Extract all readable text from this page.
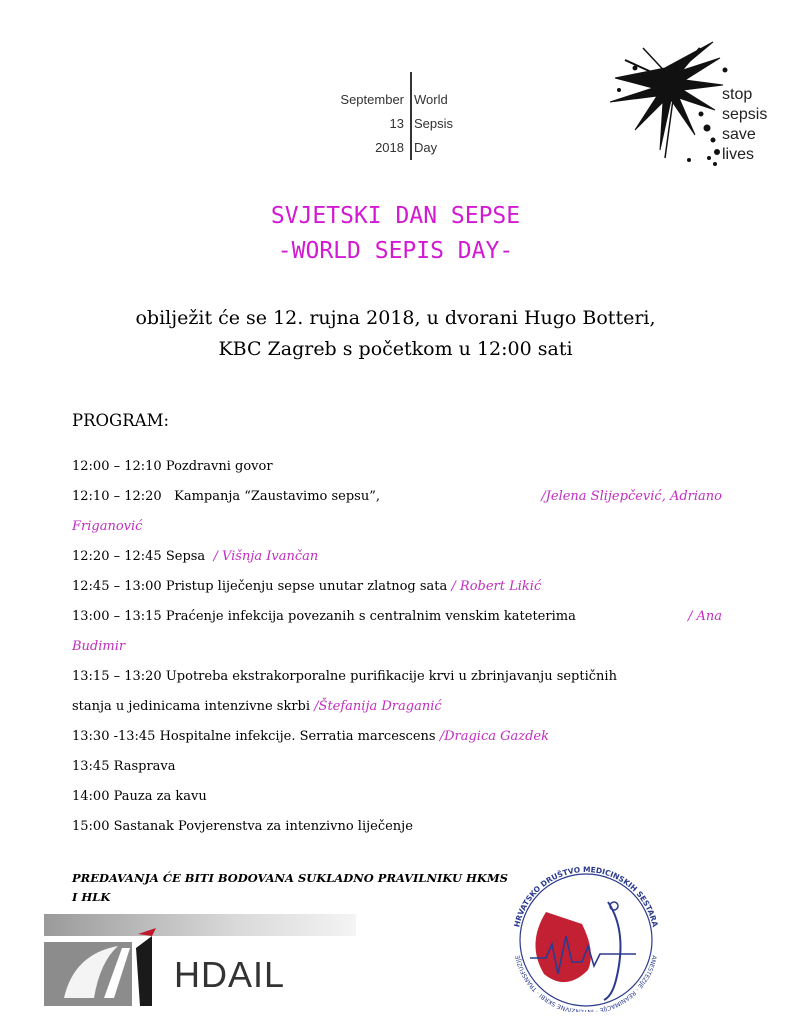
September
13
2018
World
Sepsis
Day
stop
sepsis
save
lives
SVJETSKI DAN SEPSE
-WORLD SEPIS DAY-
obilježit će se 12. rujna 2018, u dvorani Hugo Botteri,
KBC Zagreb s početkom u 12:00 sati
PROGRAM:
12:00 – 12:10 Pozdravni govor
12:10 – 12:20 Kampanja “Zaustavimo sepsu”,	/Jelena Slijepčević, Adriano
Friganović
12:20 – 12:45 Sepsa / Višnja Ivančan
12:45 – 13:00 Pristup liječenju sepse unutar zlatnog sata / Robert Likić
13:00 – 13:15 Praćenje infekcija povezanih s centralnim venskim kateterima	/ Ana
Budimir
13:15 – 13:20 Upotreba ekstrakorporalne purifikacije krvi u zbrinjavanju septičnih
stanja u jedinicama intenzivne skrbi /Štefanija Draganić
13:30 -13:45 Hospitalne infekcije. Serratia marcescens /Dragica Gazdek
13:45 Rasprava
14:00 Pauza za kavu
15:00 Sastanak Povjerenstva za intenzivno liječenje
PREDAVANJA ĆE BITI BODOVANA SUKLADNO PRAVILNIKU HKMS
I HLK
HDAIL
HRVATSKO DRUŠTVO MEDICINSKIH SESTARA
ANESTEZIJE · REANIMACIJE · INTENZIVNE SKRBI · TRANSFUZIJE
